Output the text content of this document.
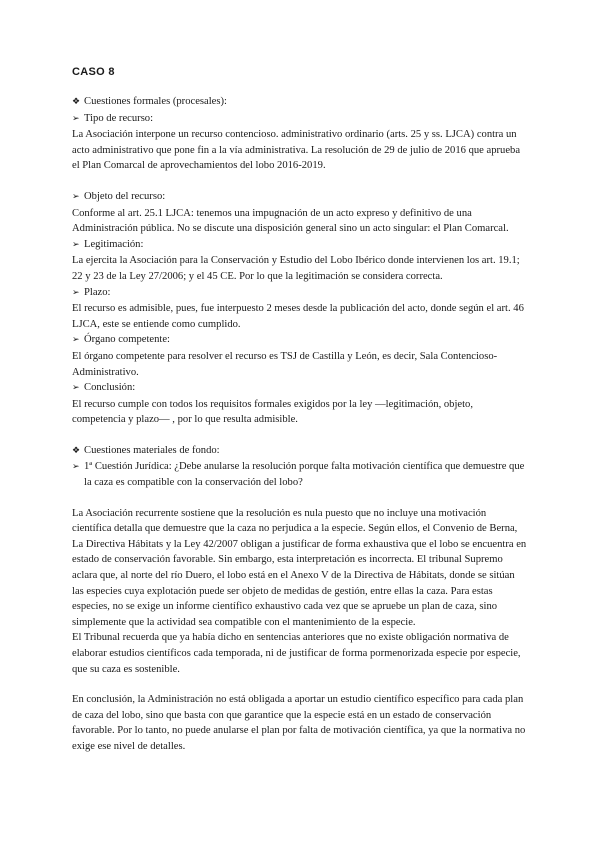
CASO 8
❖ Cuestiones formales (procesales):
➢ Tipo de recurso:

La Asociación interpone un recurso contencioso. administrativo ordinario (arts. 25 y ss. LJCA) contra un acto administrativo que pone fin a la vía administrativa. La resolución de 29 de julio de 2016 que aprueba el Plan Comarcal de aprovechamientos del lobo 2016-2019.

➢ Objeto del recurso:

Conforme al art. 25.1 LJCA: tenemos una impugnación de un acto expreso y definitivo de una Administración pública. No se discute una disposición general sino un acto singular: el Plan Comarcal.

➢ Legitimación:

La ejercita la Asociación para la Conservación y Estudio del Lobo Ibérico donde intervienen los art. 19.1; 22 y 23 de la Ley 27/2006; y el 45 CE. Por lo que la legitimación se considera correcta.

➢ Plazo:

El recurso es admisible, pues, fue interpuesto 2 meses desde la publicación del acto, donde según el art. 46 LJCA, este se entiende como cumplido.

➢ Órgano competente:

El órgano competente para resolver el recurso es TSJ de Castilla y León, es decir, Sala Contencioso-Administrativo.

➢ Conclusión:

El recurso cumple con todos los requisitos formales exigidos por la ley —legitimación, objeto, competencia y plazo— , por lo que resulta admisible.

❖ Cuestiones materiales de fondo:
➢ 1ª Cuestión Jurídica: ¿Debe anularse la resolución porque falta motivación científica que demuestre que la caza es compatible con la conservación del lobo?

La Asociación recurrente sostiene que la resolución es nula puesto que no incluye una motivación científica detalla que demuestre que la caza no perjudica a la especie. Según ellos, el Convenio de Berna, La Directiva Hábitats y la Ley 42/2007 obligan a justificar de forma exhaustiva que el lobo se encuentra en estado de conservación favorable. Sin embargo, esta interpretación es incorrecta. El tribunal Supremo aclara que, al norte del río Duero, el lobo está en el Anexo V de la Directiva de Hábitats, donde se sitúan las especies cuya explotación puede ser objeto de medidas de gestión, entre ellas la caza. Para estas especies, no se exige un informe científico exhaustivo cada vez que se apruebe un plan de caza, sino simplemente que la actividad sea compatible con el mantenimiento de la especie.

El Tribunal recuerda que ya había dicho en sentencias anteriores que no existe obligación normativa de elaborar estudios científicos cada temporada, ni de justificar de forma pormenorizada especie por especie, que su caza es sostenible.

En conclusión, la Administración no está obligada a aportar un estudio científico específico para cada plan de caza del lobo, sino que basta con que garantice que la especie está en un estado de conservación favorable. Por lo tanto, no puede anularse el plan por falta de motivación científica, ya que la normativa no exige ese nivel de detalles.
